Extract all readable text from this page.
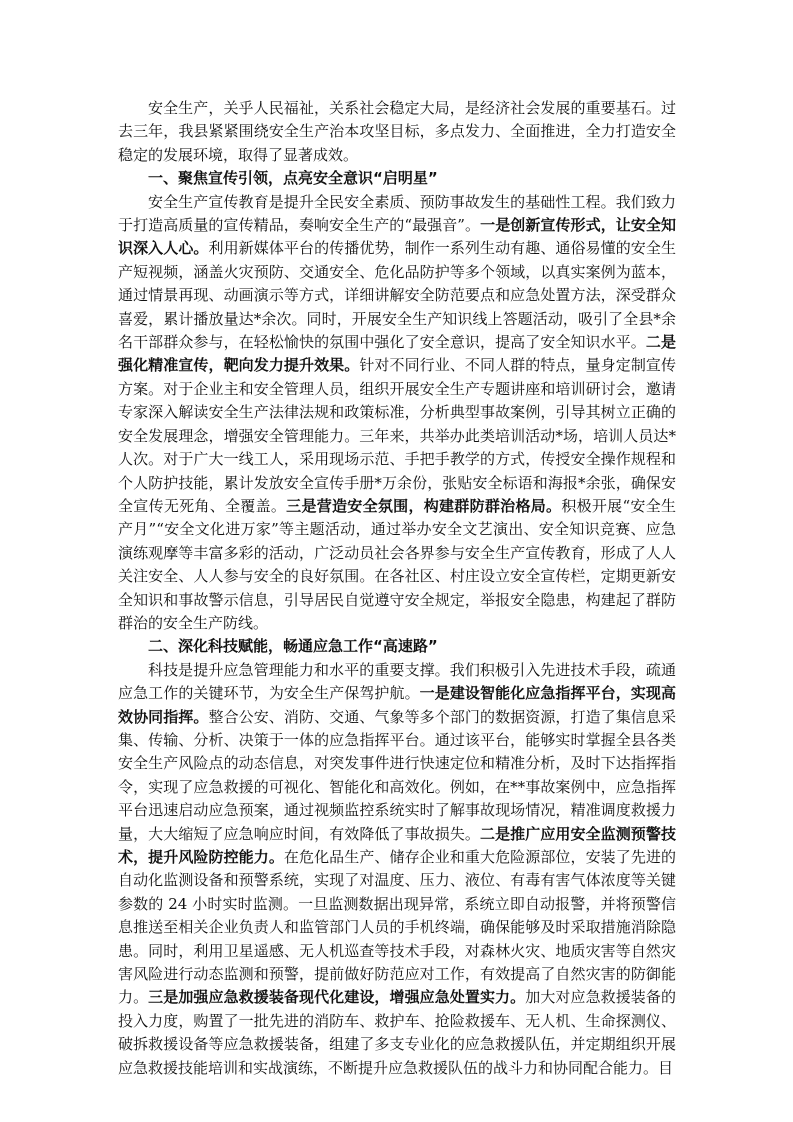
安全生产，关乎人民福祉，关系社会稳定大局，是经济社会发展的重要基石。过去三年，我县紧紧围绕安全生产治本攻坚目标，多点发力、全面推进，全力打造安全稳定的发展环境，取得了显著成效。

一、聚焦宣传引领，点亮安全意识“启明星”

安全生产宣传教育是提升全民安全素质、预防事故发生的基础性工程。我们致力于打造高质量的宣传精品，奏响安全生产的“最强音”。一是创新宣传形式，让安全知识深入人心。利用新媒体平台的传播优势，制作一系列生动有趣、通俗易懂的安全生产短视频，涵盖火灾预防、交通安全、危化品防护等多个领域，以真实案例为蓝本，通过情景再现、动画演示等方式，详细讲解安全防范要点和应急处置方法，深受群众喜爱，累计播放量达*余次。同时，开展安全生产知识线上答题活动，吸引了全县*余名干部群众参与，在轻松愉快的氛围中强化了安全意识，提高了安全知识水平。二是强化精准宣传，靶向发力提升效果。针对不同行业、不同人群的特点，量身定制宣传方案。对于企业主和安全管理人员，组织开展安全生产专题讲座和培训研讨会，邀请专家深入解读安全生产法律法规和政策标准，分析典型事故案例，引导其树立正确的安全发展理念，增强安全管理能力。三年来，共举办此类培训活动*场，培训人员达*人次。对于广大一线工人，采用现场示范、手把手教学的方式，传授安全操作规程和个人防护技能，累计发放安全宣传手册*万余份，张贴安全标语和海报*余张，确保安全宣传无死角、全覆盖。三是营造安全氛围，构建群防群治格局。积极开展“安全生产月”“安全文化进万家”等主题活动，通过举办安全文艺演出、安全知识竞赛、应急演练观摩等丰富多彩的活动，广泛动员社会各界参与安全生产宣传教育，形成了人人关注安全、人人参与安全的良好氛围。在各社区、村庄设立安全宣传栏，定期更新安全知识和事故警示信息，引导居民自觉遵守安全规定，举报安全隐患，构建起了群防群治的安全生产防线。

二、深化科技赋能，畅通应急工作“高速路”

科技是提升应急管理能力和水平的重要支撑。我们积极引入先进技术手段，疏通应急工作的关键环节，为安全生产保驾护航。一是建设智能化应急指挥平台，实现高效协同指挥。整合公安、消防、交通、气象等多个部门的数据资源，打造了集信息采集、传输、分析、决策于一体的应急指挥平台。通过该平台，能够实时掌握全县各类安全生产风险点的动态信息，对突发事件进行快速定位和精准分析，及时下达指挥指令，实现了应急救援的可视化、智能化和高效化。例如，在**事故案例中，应急指挥平台迅速启动应急预案，通过视频监控系统实时了解事故现场情况，精准调度救援力量，大大缩短了应急响应时间，有效降低了事故损失。二是推广应用安全监测预警技术，提升风险防控能力。在危化品生产、储存企业和重大危险源部位，安装了先进的自动化监测设备和预警系统，实现了对温度、压力、液位、有毒有害气体浓度等关键参数的 24 小时实时监测。一旦监测数据出现异常，系统立即自动报警，并将预警信息推送至相关企业负责人和监管部门人员的手机终端，确保能够及时采取措施消除隐患。同时，利用卫星遥感、无人机巡查等技术手段，对森林火灾、地质灾害等自然灾害风险进行动态监测和预警，提前做好防范应对工作，有效提高了自然灾害的防御能力。三是加强应急救援装备现代化建设，增强应急处置实力。加大对应急救援装备的投入力度，购置了一批先进的消防车、救护车、抢险救援车、无人机、生命探测仪、破拆救援设备等应急救援装备，组建了多支专业化的应急救援队伍，并定期组织开展应急救援技能培训和实战演练，不断提升应急救援队伍的战斗力和协同配合能力。目
